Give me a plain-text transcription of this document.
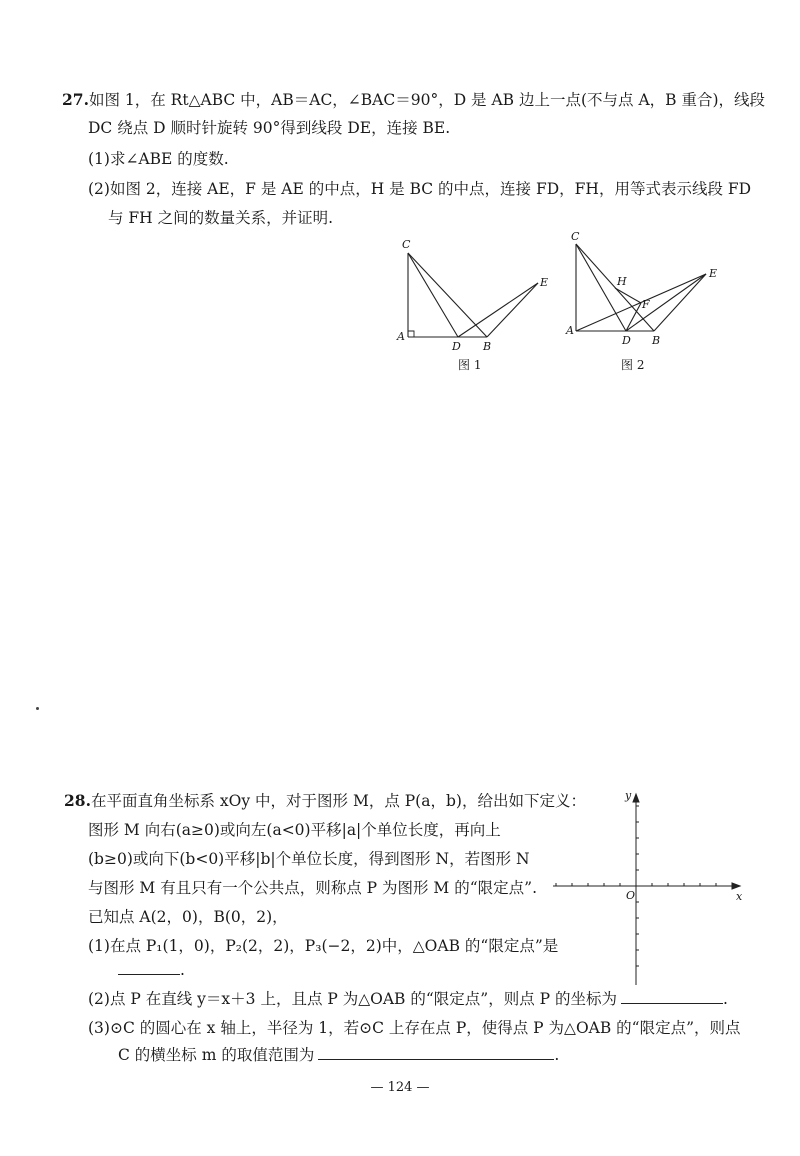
27.如图 1，在 Rt△ABC 中，AB＝AC，∠BAC＝90°，D 是 AB 边上一点(不与点 A，B 重合)，线段
DC 绕点 D 顺时针旋转 90°得到线段 DE，连接 BE.
(1)求∠ABE 的度数.
(2)如图 2，连接 AE，F 是 AE 的中点，H 是 BC 的中点，连接 FD，FH，用等式表示线段 FD
与 FH 之间的数量关系，并证明.
C
A
D B
E
图 1
C
A
H
F
D B
E
图 2
28.在平面直角坐标系 xOy 中，对于图形 M，点 P(a，b)，给出如下定义：
图形 M 向右(a≥0)或向左(a<0)平移|a|个单位长度，再向上
(b≥0)或向下(b<0)平移|b|个单位长度，得到图形 N，若图形 N
与图形 M 有且只有一个公共点，则称点 P 为图形 M 的“限定点”.
已知点 A(2，0)，B(0，2)，
(1)在点 P₁(1，0)，P₂(2，2)，P₃(−2，2)中，△OAB 的“限定点”是
.
(2)点 P 在直线 y＝x＋3 上，且点 P 为△OAB 的“限定点”，则点 P 的坐标为	.
(3)⊙C 的圆心在 x 轴上，半径为 1，若⊙C 上存在点 P，使得点 P 为△OAB 的“限定点”，则点
C 的横坐标 m 的取值范围为	.
y
x
O
— 124 —
